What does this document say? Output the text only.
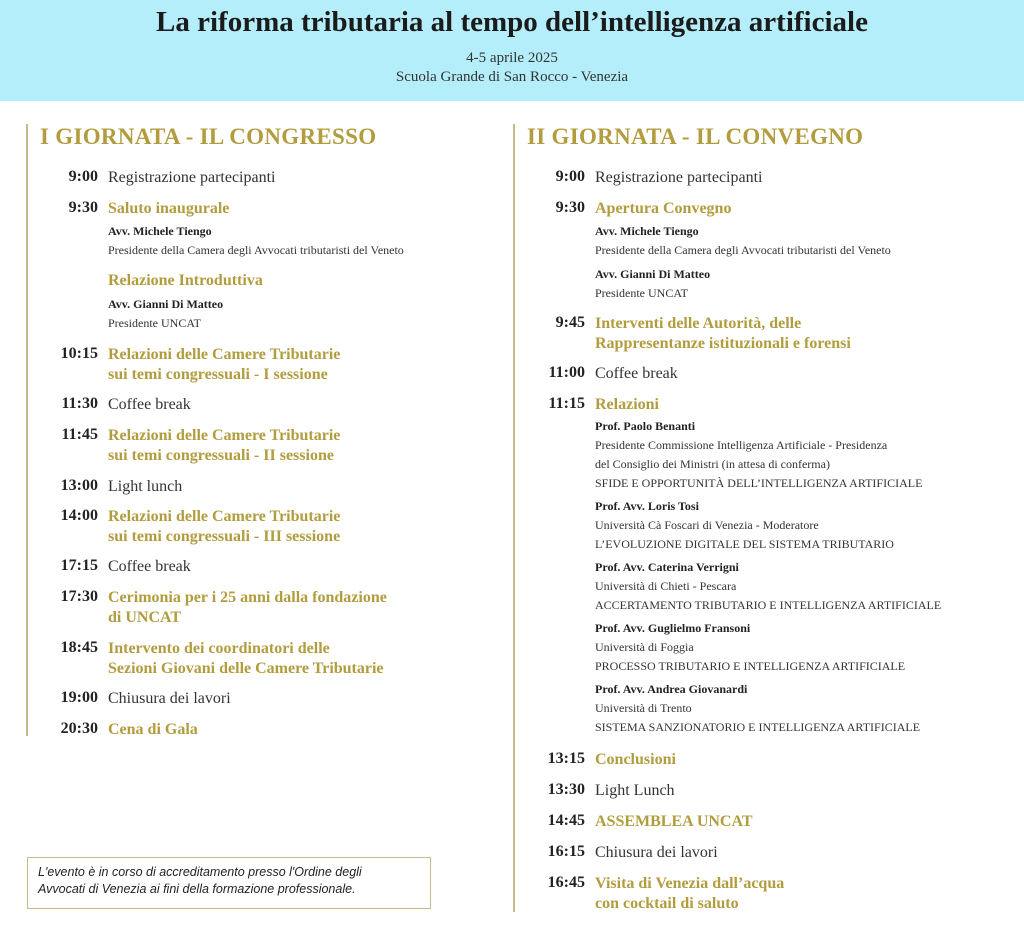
La riforma tributaria al tempo dell’intelligenza artificiale
4-5 aprile 2025
Scuola Grande di San Rocco - Venezia
I GIORNATA - IL CONGRESSO
9:00 Registrazione partecipanti
9:30 Saluto inaugurale
Avv. Michele Tiengo
Presidente della Camera degli Avvocati tributaristi del Veneto
Relazione Introduttiva
Avv. Gianni Di Matteo
Presidente UNCAT
10:15 Relazioni delle Camere Tributarie
sui temi congressuali - I sessione
11:30 Coffee break
11:45 Relazioni delle Camere Tributarie
sui temi congressuali - II sessione
13:00 Light lunch
14:00 Relazioni delle Camere Tributarie
sui temi congressuali - III sessione
17:15 Coffee break
17:30 Cerimonia per i 25 anni dalla fondazione
di UNCAT
18:45 Intervento dei coordinatori delle
Sezioni Giovani delle Camere Tributarie
19:00 Chiusura dei lavori
20:30 Cena di Gala
II GIORNATA - IL CONVEGNO
9:00 Registrazione partecipanti
9:30 Apertura Convegno
Avv. Michele Tiengo
Presidente della Camera degli Avvocati tributaristi del Veneto
Avv. Gianni Di Matteo
Presidente UNCAT
9:45 Interventi delle Autorità, delle
Rappresentanze istituzionali e forensi
11:00 Coffee break
11:15 Relazioni
Prof. Paolo Benanti
Presidente Commissione Intelligenza Artificiale - Presidenza
del Consiglio dei Ministri (in attesa di conferma)
SFIDE E OPPORTUNITÀ DELL’INTELLIGENZA ARTIFICIALE
Prof. Avv. Loris Tosi
Università Cà Foscari di Venezia - Moderatore
L’EVOLUZIONE DIGITALE DEL SISTEMA TRIBUTARIO
Prof. Avv. Caterina Verrigni
Università di Chieti - Pescara
ACCERTAMENTO TRIBUTARIO E INTELLIGENZA ARTIFICIALE
Prof. Avv. Guglielmo Fransoni
Università di Foggia
PROCESSO TRIBUTARIO E INTELLIGENZA ARTIFICIALE
Prof. Avv. Andrea Giovanardi
Università di Trento
SISTEMA SANZIONATORIO E INTELLIGENZA ARTIFICIALE
13:15 Conclusioni
13:30 Light Lunch
14:45 ASSEMBLEA UNCAT
16:15 Chiusura dei lavori
16:45 Visita di Venezia dall’acqua
con cocktail di saluto
L'evento è in corso di accreditamento presso l'Ordine degli
Avvocati di Venezia ai fini della formazione professionale.
